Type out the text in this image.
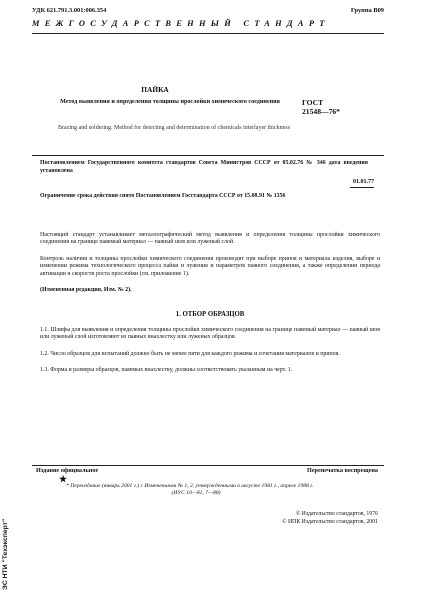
УДК 621.791.3.001:006.354	Группа В09
МЕЖГОСУДАРСТВЕННЫЙ СТАНДАРТ
ПАЙКА
Метод выявления и определения толщины прослойки химического соединения	ГОСТ
21548—76*
Brazing and soldering. Method for detecting and determination of chemicals interlayer thickness
Постановлением Государственного комитета стандартов Совета Министров СССР от 05.02.76 № 346 дата введения установлена
01.01.77
Ограничение срока действия снято Постановлением Госстандарта СССР от 15.08.91 № 1356
Настоящий стандарт устанавливает металлографический метод выявления и определения толщины прослойки химического соединения на границе паяемый материал — паяный шов или луженый слой.
Контроль наличия и толщины прослойки химического соединения производят при выборе припоя и материала изделия, выборе и изменении режима технологического процесса пайки и лужения и параметров паяного соединения, а также определении периода активации и скорости роста прослойки (см. приложение 1).
(Измененная редакция, Изм. № 2).
1. ОТБОР ОБРАЗЦОВ
1.1. Шлифы для выявления и определения толщины прослойки химического соединения на границе паяемый материал — паяный шов или луженый слой изготовляют из паяных внахлестку или луженых образцов.
1.2. Число образцов для испытаний должно быть не менее пяти для каждого режима и сочетания материалов и припоя.
1.3. Форма и размеры образцов, паяемых внахлестку, должны соответствовать указанным на черт. 1.
ЭС НТИ "Техэксперт"
Издание официальное	Перепечатка воспрещена
★
* Переиздание (январь 2001 г.) с Изменениями № 1, 2, утвержденными в августе 1981 г., апреле 1988 г.
(ИУС 10—81, 7—88)
© Издательство стандартов, 1976
© ИПК Издательство стандартов, 2001
